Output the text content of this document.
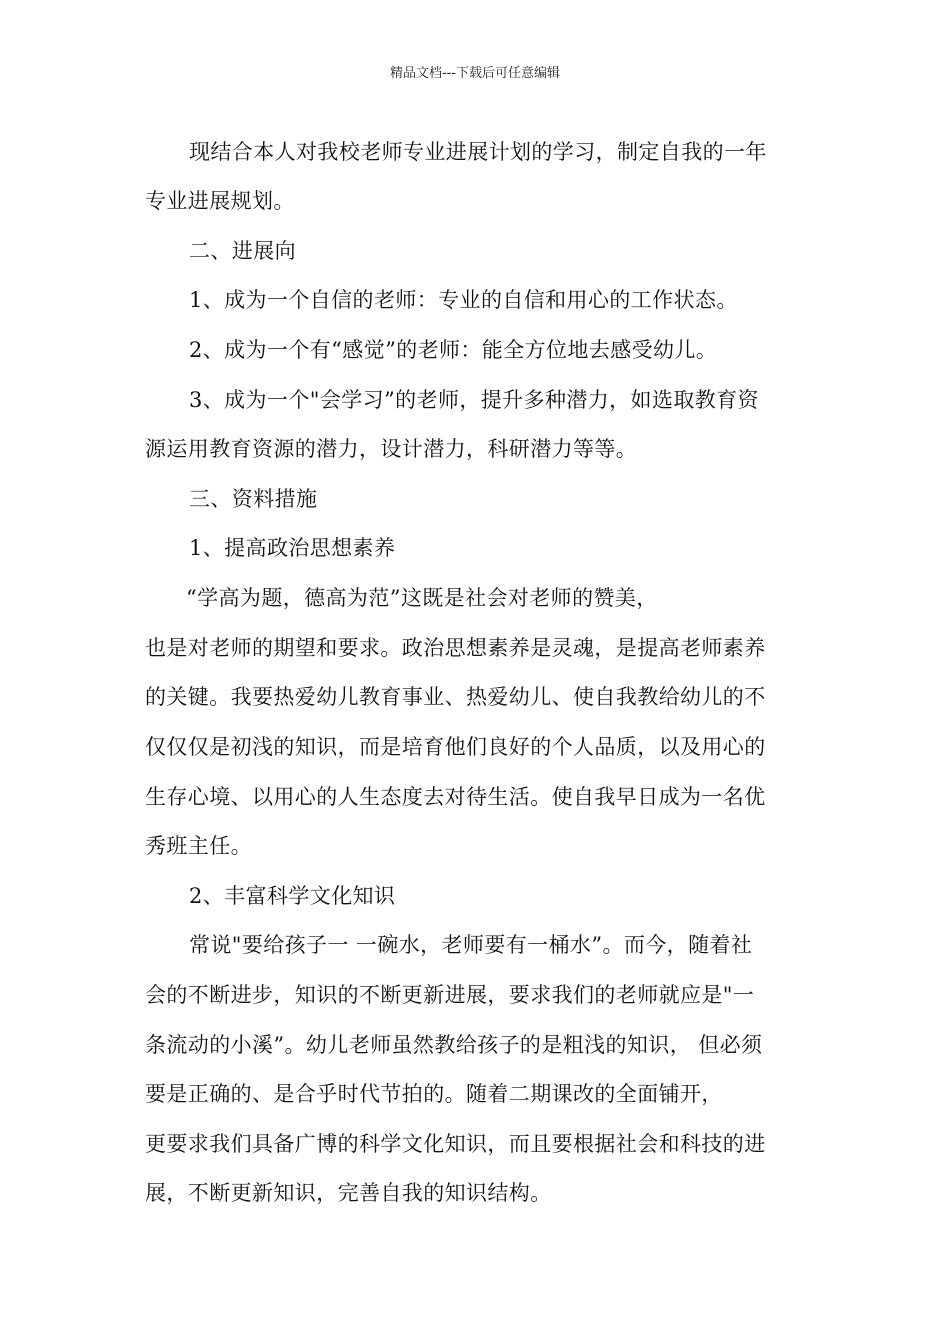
精品文档---下载后可任意编辑
现结合本人对我校老师专业进展计划的学习，制定自我的一年
专业进展规划。
二、进展向
1、成为一个自信的老师：专业的自信和用心的工作状态。
2、成为一个有“感觉”的老师：能全方位地去感受幼儿。
3、成为一个"会学习”的老师，提升多种潜力，如选取教育资
源运用教育资源的潜力，设计潜力，科研潜力等等。
三、资料措施
1、提高政治思想素养
“学高为题，德高为范”这既是社会对老师的赞美，
也是对老师的期望和要求。政治思想素养是灵魂，是提高老师素养
的关键。我要热爱幼儿教育事业、热爱幼儿、使自我教给幼儿的不
仅仅仅是初浅的知识，而是培育他们良好的个人品质，以及用心的
生存心境、以用心的人生态度去对待生活。使自我早日成为一名优
秀班主任。
2、丰富科学文化知识
常说"要给孩子一 一碗水，老师要有一桶水”。而今，随着社
会的不断进步，知识的不断更新进展，要求我们的老师就应是"一
条流动的小溪”。幼儿老师虽然教给孩子的是粗浅的知识， 但必须
要是正确的、是合乎时代节拍的。随着二期课改的全面铺开，
更要求我们具备广博的科学文化知识，而且要根据社会和科技的进
展，不断更新知识，完善自我的知识结构。
